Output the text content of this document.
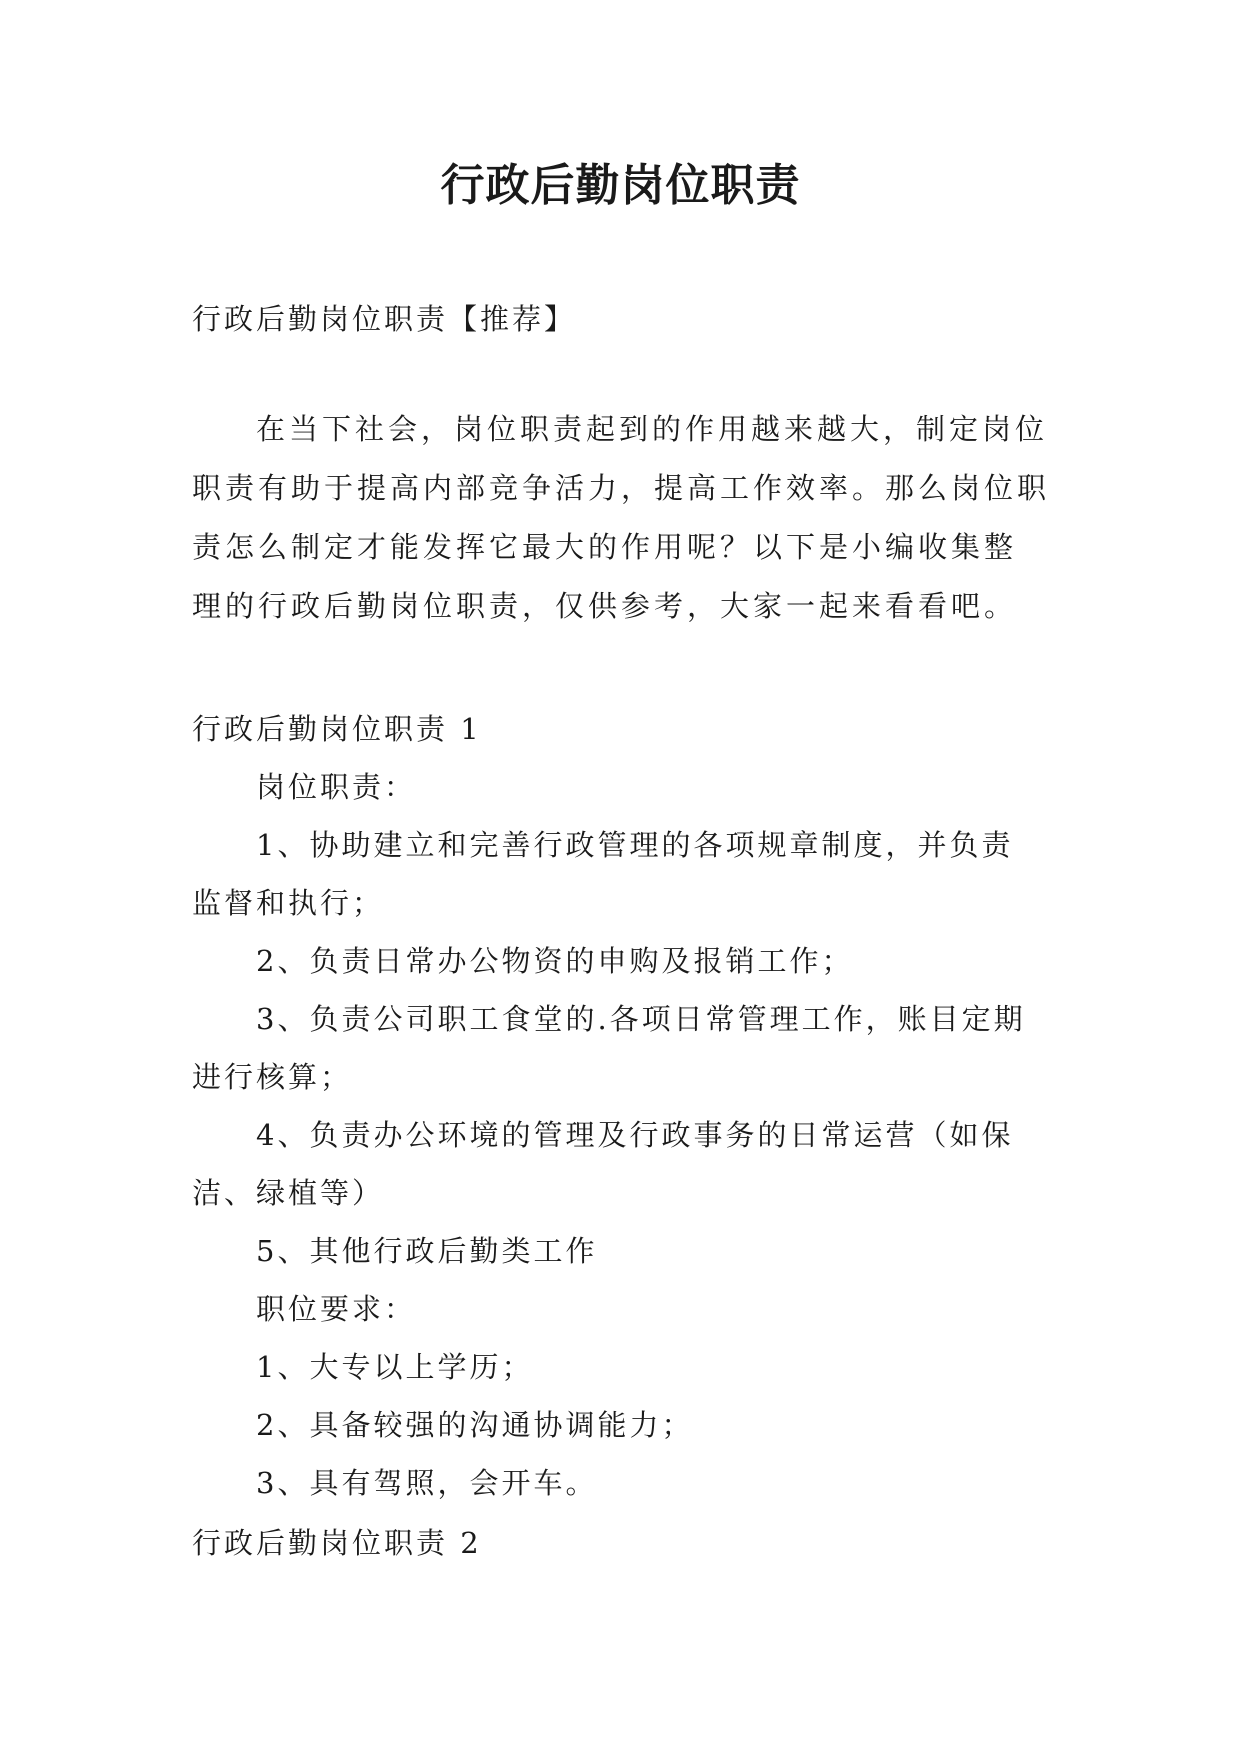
行政后勤岗位职责
行政后勤岗位职责【推荐】
在当下社会，岗位职责起到的作用越来越大，制定岗位
职责有助于提高内部竞争活力，提高工作效率。那么岗位职
责怎么制定才能发挥它最大的作用呢？以下是小编收集整
理的行政后勤岗位职责，仅供参考，大家一起来看看吧。
行政后勤岗位职责 1
岗位职责：
1、协助建立和完善行政管理的各项规章制度，并负责
监督和执行；
2、负责日常办公物资的申购及报销工作；
3、负责公司职工食堂的.各项日常管理工作，账目定期
进行核算；
4、负责办公环境的管理及行政事务的日常运营（如保
洁、绿植等）
5、其他行政后勤类工作
职位要求：
1、大专以上学历；
2、具备较强的沟通协调能力；
3、具有驾照，会开车。
行政后勤岗位职责 2
